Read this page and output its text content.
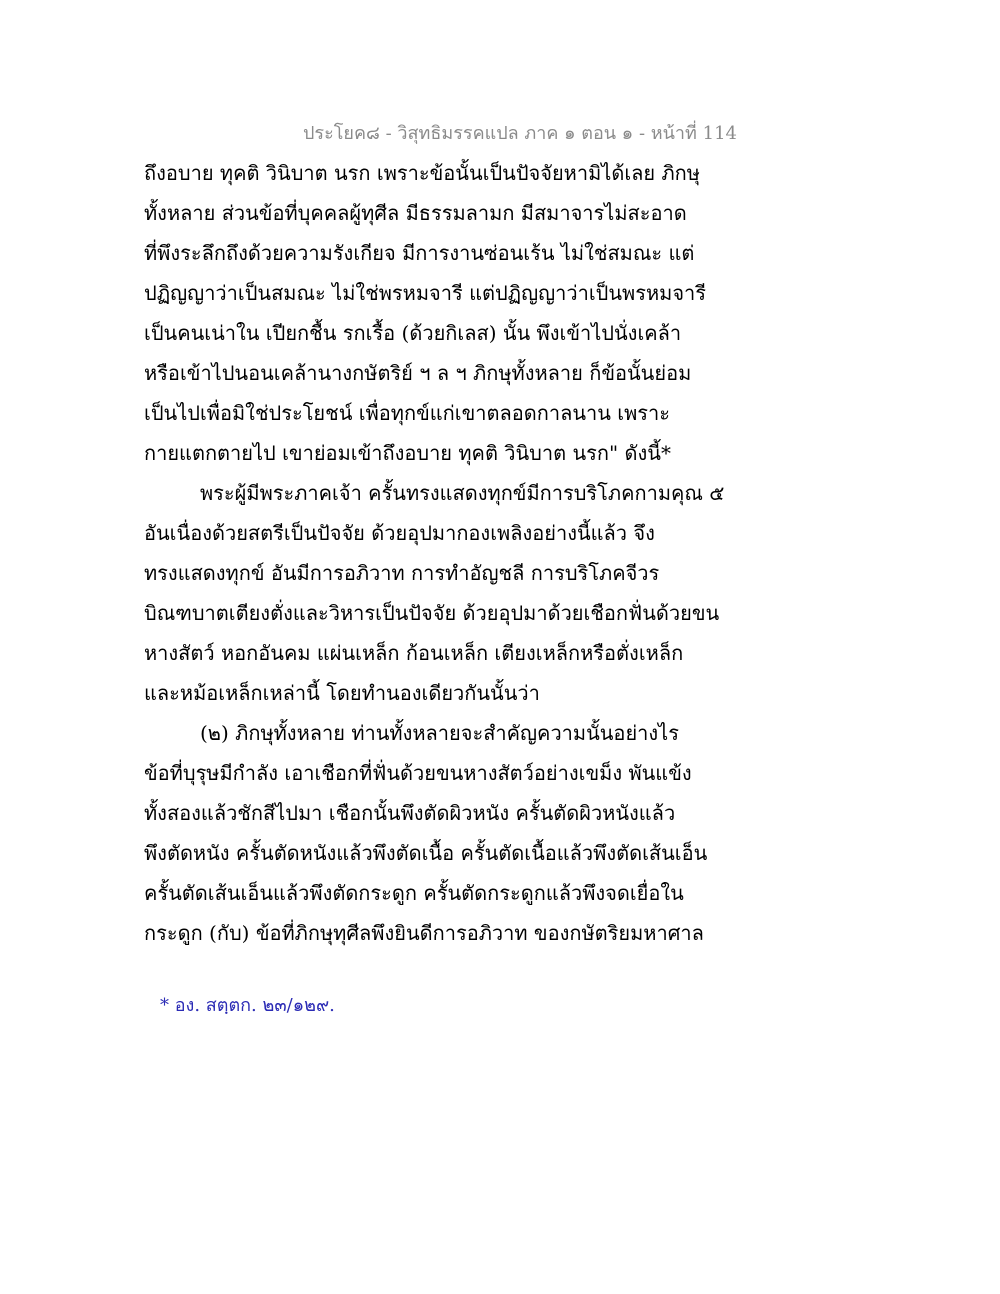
ประโยค๘ - วิสุทธิมรรคแปล ภาค ๑ ตอน ๑ - หน้าที่ 114
ถึงอบาย ทุคติ วินิบาต นรก เพราะข้อนั้นเป็นปัจจัยหามิได้เลย ภิกษุ
ทั้งหลาย ส่วนข้อที่บุคคลผู้ทุศีล มีธรรมลามก มีสมาจารไม่สะอาด
ที่พึงระลึกถึงด้วยความรังเกียจ มีการงานซ่อนเร้น ไม่ใช่สมณะ แต่
ปฏิญญาว่าเป็นสมณะ ไม่ใช่พรหมจารี แต่ปฏิญญาว่าเป็นพรหมจารี
เป็นคนเน่าใน เปียกชื้น รกเรื้อ (ด้วยกิเลส) นั้น พึงเข้าไปนั่งเคล้า
หรือเข้าไปนอนเคล้านางกษัตริย์ ฯ ล ฯ ภิกษุทั้งหลาย ก็ข้อนั้นย่อม
เป็นไปเพื่อมิใช่ประโยชน์ เพื่อทุกข์แก่เขาตลอดกาลนาน เพราะ
กายแตกตายไป เขาย่อมเข้าถึงอบาย ทุคติ วินิบาต นรก" ดังนี้*
พระผู้มีพระภาคเจ้า ครั้นทรงแสดงทุกข์มีการบริโภคกามคุณ ๕
อันเนื่องด้วยสตรีเป็นปัจจัย ด้วยอุปมากองเพลิงอย่างนี้แล้ว จึง
ทรงแสดงทุกข์ อันมีการอภิวาท การทำอัญชลี การบริโภคจีวร
บิณฑบาตเตียงตั่งและวิหารเป็นปัจจัย ด้วยอุปมาด้วยเชือกฟั่นด้วยขน
หางสัตว์ หอกอันคม แผ่นเหล็ก ก้อนเหล็ก เตียงเหล็กหรือตั่งเหล็ก
และหม้อเหล็กเหล่านี้ โดยทำนองเดียวกันนั้นว่า
(๒) ภิกษุทั้งหลาย ท่านทั้งหลายจะสำคัญความนั้นอย่างไร
ข้อที่บุรุษมีกำลัง เอาเชือกที่ฟั่นด้วยขนหางสัตว์อย่างเขม็ง พันแข้ง
ทั้งสองแล้วชักสีไปมา เชือกนั้นพึงตัดผิวหนัง ครั้นตัดผิวหนังแล้ว
พึงตัดหนัง ครั้นตัดหนังแล้วพึงตัดเนื้อ ครั้นตัดเนื้อแล้วพึงตัดเส้นเอ็น
ครั้นตัดเส้นเอ็นแล้วพึงตัดกระดูก ครั้นตัดกระดูกแล้วพึงจดเยื่อใน
กระดูก (กับ) ข้อที่ภิกษุทุศีลพึงยินดีการอภิวาท ของกษัตริยมหาศาล
* อง. สตฺตก. ๒๓/๑๒๙.
